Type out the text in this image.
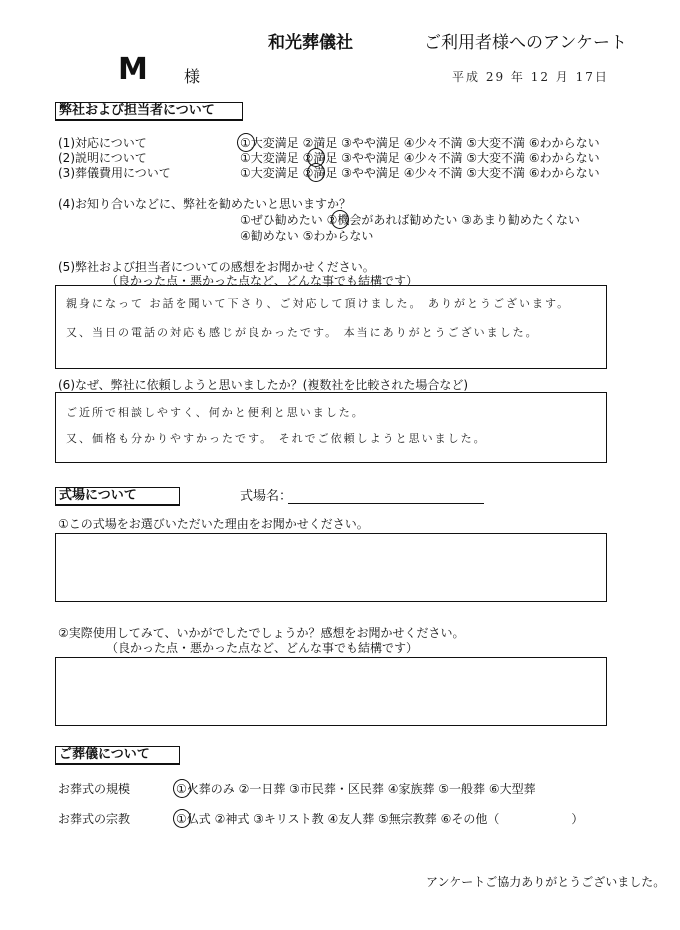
和光葬儀社	ご利用者様へのアンケート
M 様	平成 29 年 12 月 17日
弊社および担当者について
(1)対応について	①大変満足 ②満足 ③やや満足 ④少々不満 ⑤大変不満 ⑥わからない
(2)説明について	①大変満足 ②満足 ③やや満足 ④少々不満 ⑤大変不満 ⑥わからない
(3)葬儀費用について	①大変満足 ②満足 ③やや満足 ④少々不満 ⑤大変不満 ⑥わからない
(4)お知り合いなどに、弊社を勧めたいと思いますか？
①ぜひ勧めたい ②機会があれば勧めたい ③あまり勧めたくない
④勧めない ⑤わからない
(5)弊社および担当者についての感想をお聞かせください。
（良かった点・悪かった点など、どんな事でも結構です）
親身になって お話を聞いて下さり、ご対応して頂けました。 ありがとうございます。
又、当日の電話の対応も感じが良かったです。 本当にありがとうございました。
(6)なぜ、弊社に依頼しようと思いましたか？(複数社を比較された場合など)
ご近所で相談しやすく、何かと便利と思いました。
又、価格も分かりやすかったです。 それでご依頼しようと思いました。
式場について	式場名：
①この式場をお選びいただいた理由をお聞かせください。
②実際使用してみて、いかがでしたでしょうか？感想をお聞かせください。
（良かった点・悪かった点など、どんな事でも結構です）
ご葬儀について
お葬式の規模	①火葬のみ ②一日葬 ③市民葬・区民葬 ④家族葬 ⑤一般葬 ⑥大型葬
お葬式の宗教	①仏式 ②神式 ③キリスト教 ④友人葬 ⑤無宗教葬 ⑥その他（　　　　　　）
アンケートご協力ありがとうございました。
